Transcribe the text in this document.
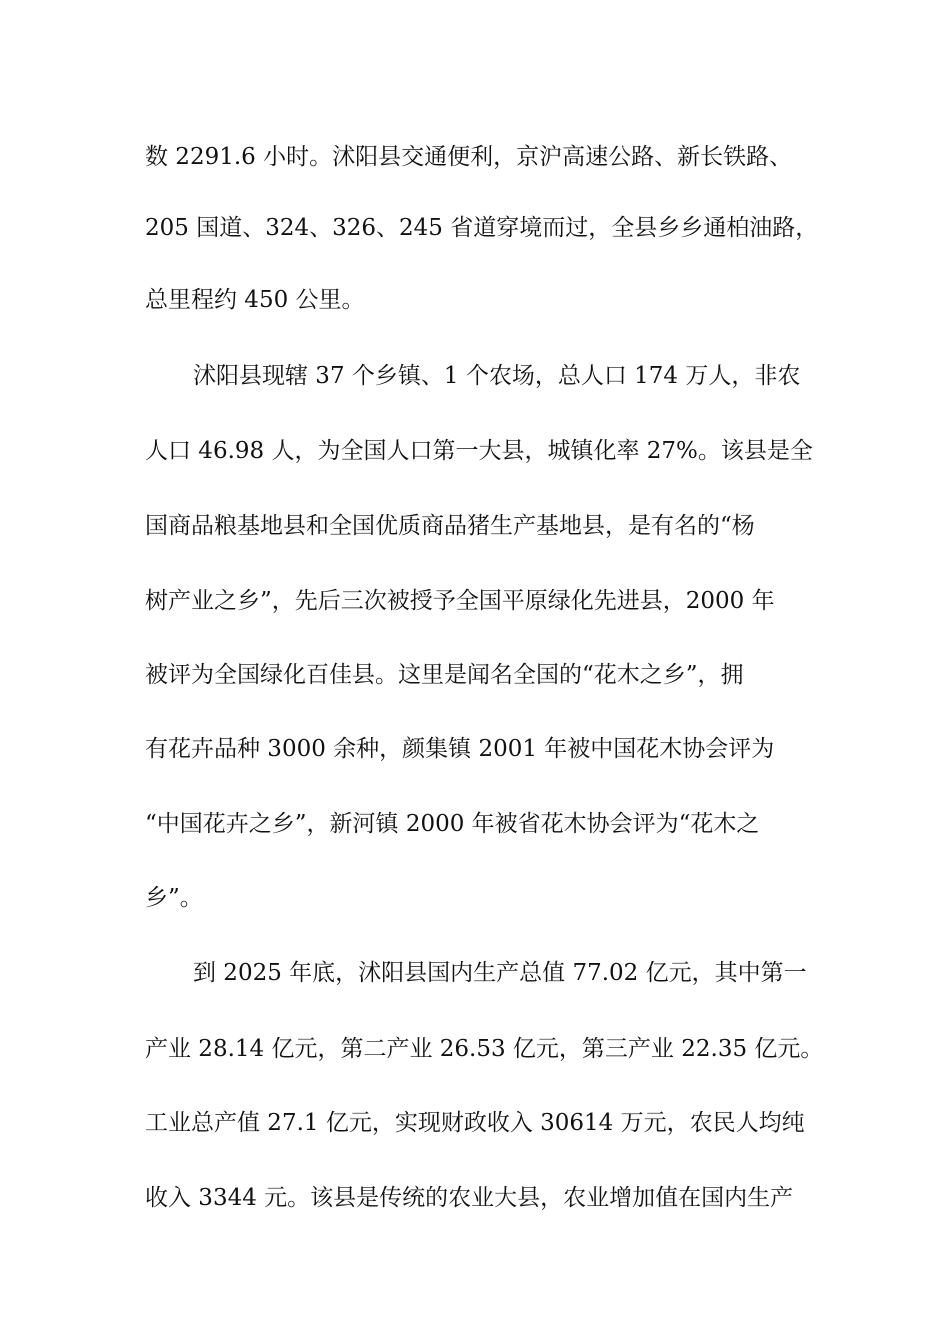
数 2291.6 小时。沭阳县交通便利，京沪高速公路、新长铁路、
205 国道、324、326、245 省道穿境而过，全县乡乡通柏油路，
总里程约 450 公里。
沭阳县现辖 37 个乡镇、1 个农场，总人口 174 万人，非农
人口 46.98 人，为全国人口第一大县，城镇化率 27%。该县是全
国商品粮基地县和全国优质商品猪生产基地县，是有名的“杨
树产业之乡”，先后三次被授予全国平原绿化先进县，2000 年
被评为全国绿化百佳县。这里是闻名全国的“花木之乡”，拥
有花卉品种 3000 余种，颜集镇 2001 年被中国花木协会评为
“中国花卉之乡”，新河镇 2000 年被省花木协会评为“花木之
乡”。
到 2025 年底，沭阳县国内生产总值 77.02 亿元，其中第一
产业 28.14 亿元，第二产业 26.53 亿元，第三产业 22.35 亿元。
工业总产值 27.1 亿元，实现财政收入 30614 万元，农民人均纯
收入 3344 元。该县是传统的农业大县，农业增加值在国内生产
